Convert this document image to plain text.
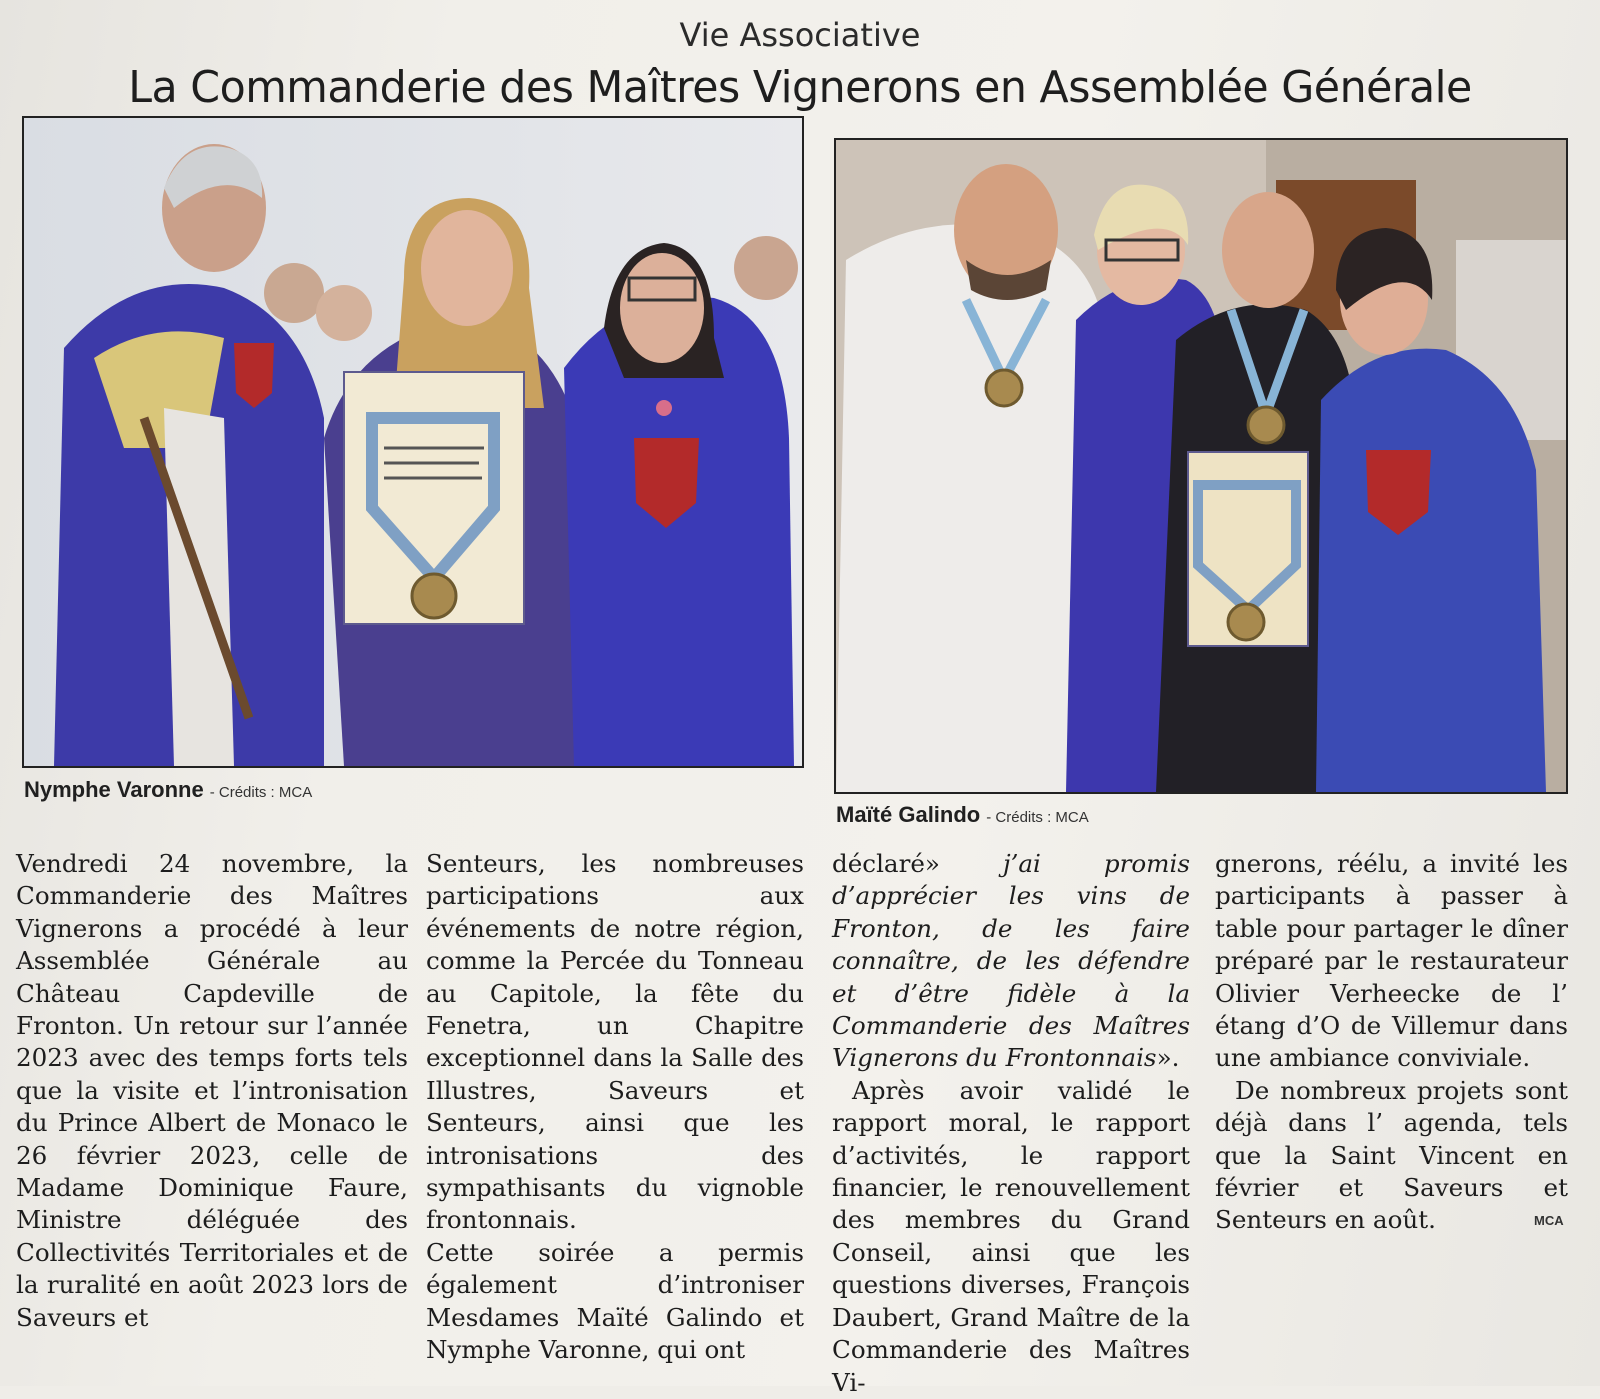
Vie Associative
La Commanderie des Maîtres Vignerons en Assemblée Générale
Nymphe Varonne - Crédits : MCA
Maïté Galindo - Crédits : MCA

Vendredi 24 novembre, la Commanderie des Maîtres Vignerons a procédé à leur Assemblée Générale au Château Capdeville de Fronton. Un retour sur l’année 2023 avec des temps forts tels que la visite et l’intronisation du Prince Albert de Monaco le 26 février 2023, celle de Madame Dominique Faure, Ministre déléguée des Collectivités Territoriales et de la ruralité en août 2023 lors de Saveurs et

Senteurs, les nombreuses participations aux événements de notre région, comme la Percée du Tonneau au Capitole, la fête du Fenetra, un Chapitre exceptionnel dans la Salle des Illustres, Saveurs et Senteurs, ainsi que les intronisations des sympathisants du vignoble frontonnais.

Cette soirée a permis également d’introniser Mesdames Maïté Galindo et Nymphe Varonne, qui ont

déclaré»	j’ai promis d’apprécier les vins de Fronton, de les faire connaître, de les défendre et d’être fidèle à la Commanderie des Maîtres Vignerons du Frontonnais».

Après avoir validé le rapport moral, le rapport d’activités, le rapport financier, le renouvellement des membres du Grand Conseil, ainsi que les questions diverses, François Daubert, Grand Maître de la Commanderie des Maîtres Vi-

gnerons, réélu, a invité les participants à passer à table pour partager le dîner préparé par le restaurateur Olivier Verheecke de l’ étang d’O de Villemur dans une ambiance conviviale.

De nombreux projets sont déjà dans l’ agenda, tels que la Saint Vincent en février et Saveurs et Senteurs en août.	MCA
